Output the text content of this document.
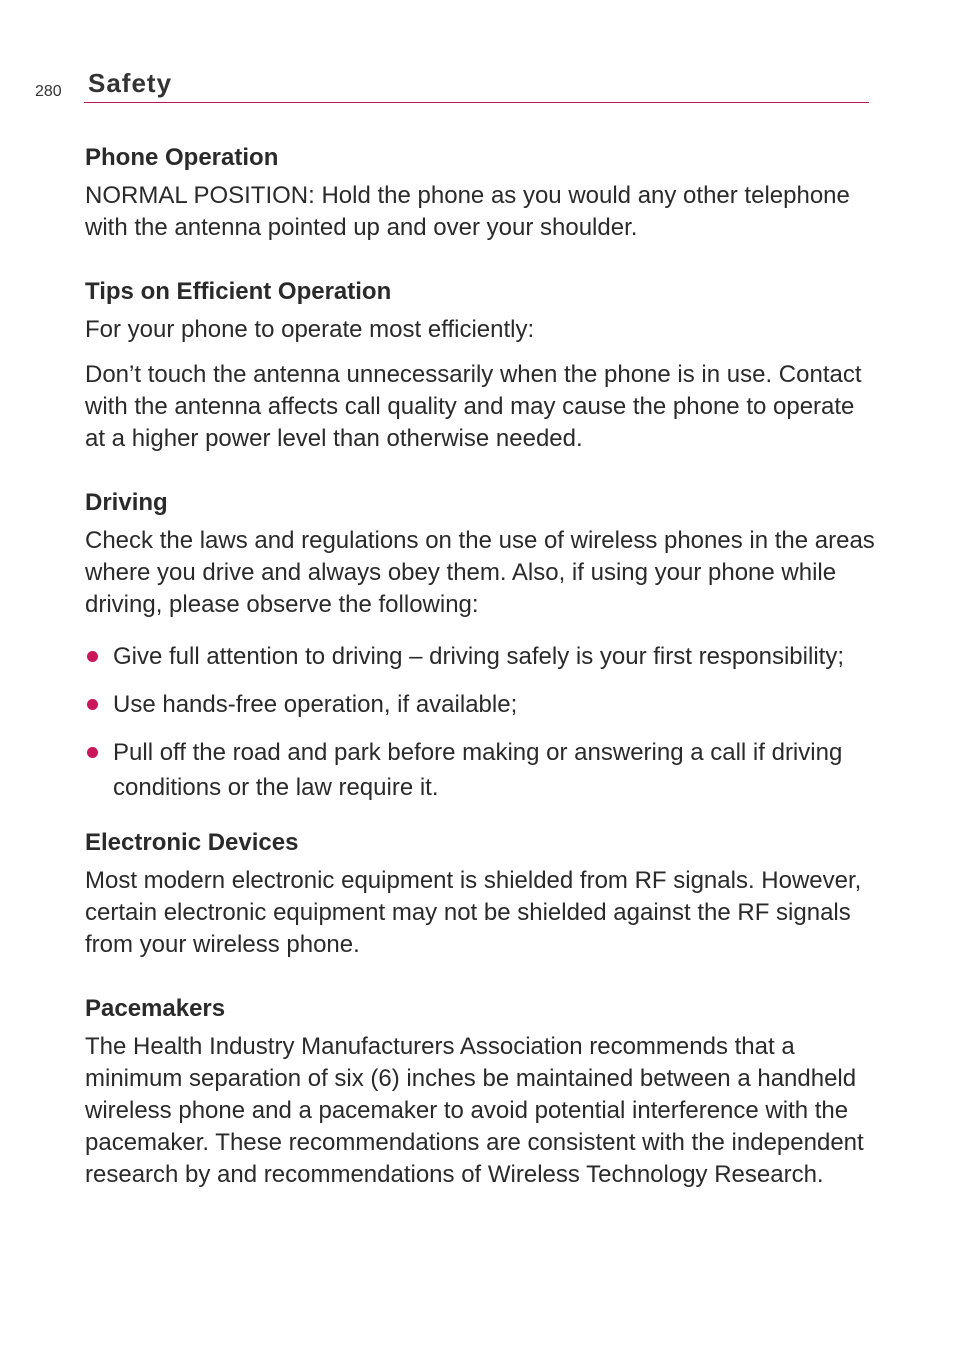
280 Safety
Phone Operation

NORMAL POSITION: Hold the phone as you would any other telephone with the antenna pointed up and over your shoulder.

Tips on Efficient Operation

For your phone to operate most efficiently:

Don’t touch the antenna unnecessarily when the phone is in use. Contact with the antenna affects call quality and may cause the phone to operate at a higher power level than otherwise needed.

Driving

Check the laws and regulations on the use of wireless phones in the areas where you drive and always obey them. Also, if using your phone while driving, please observe the following:

Give full attention to driving – driving safely is your first responsibility;
Use hands-free operation, if available;
Pull off the road and park before making or answering a call if driving conditions or the law require it.
Electronic Devices

Most modern electronic equipment is shielded from RF signals. However, certain electronic equipment may not be shielded against the RF signals from your wireless phone.

Pacemakers

The Health Industry Manufacturers Association recommends that a minimum separation of six (6) inches be maintained between a handheld wireless phone and a pacemaker to avoid potential interference with the pacemaker. These recommendations are consistent with the independent research by and recommendations of Wireless Technology Research.
